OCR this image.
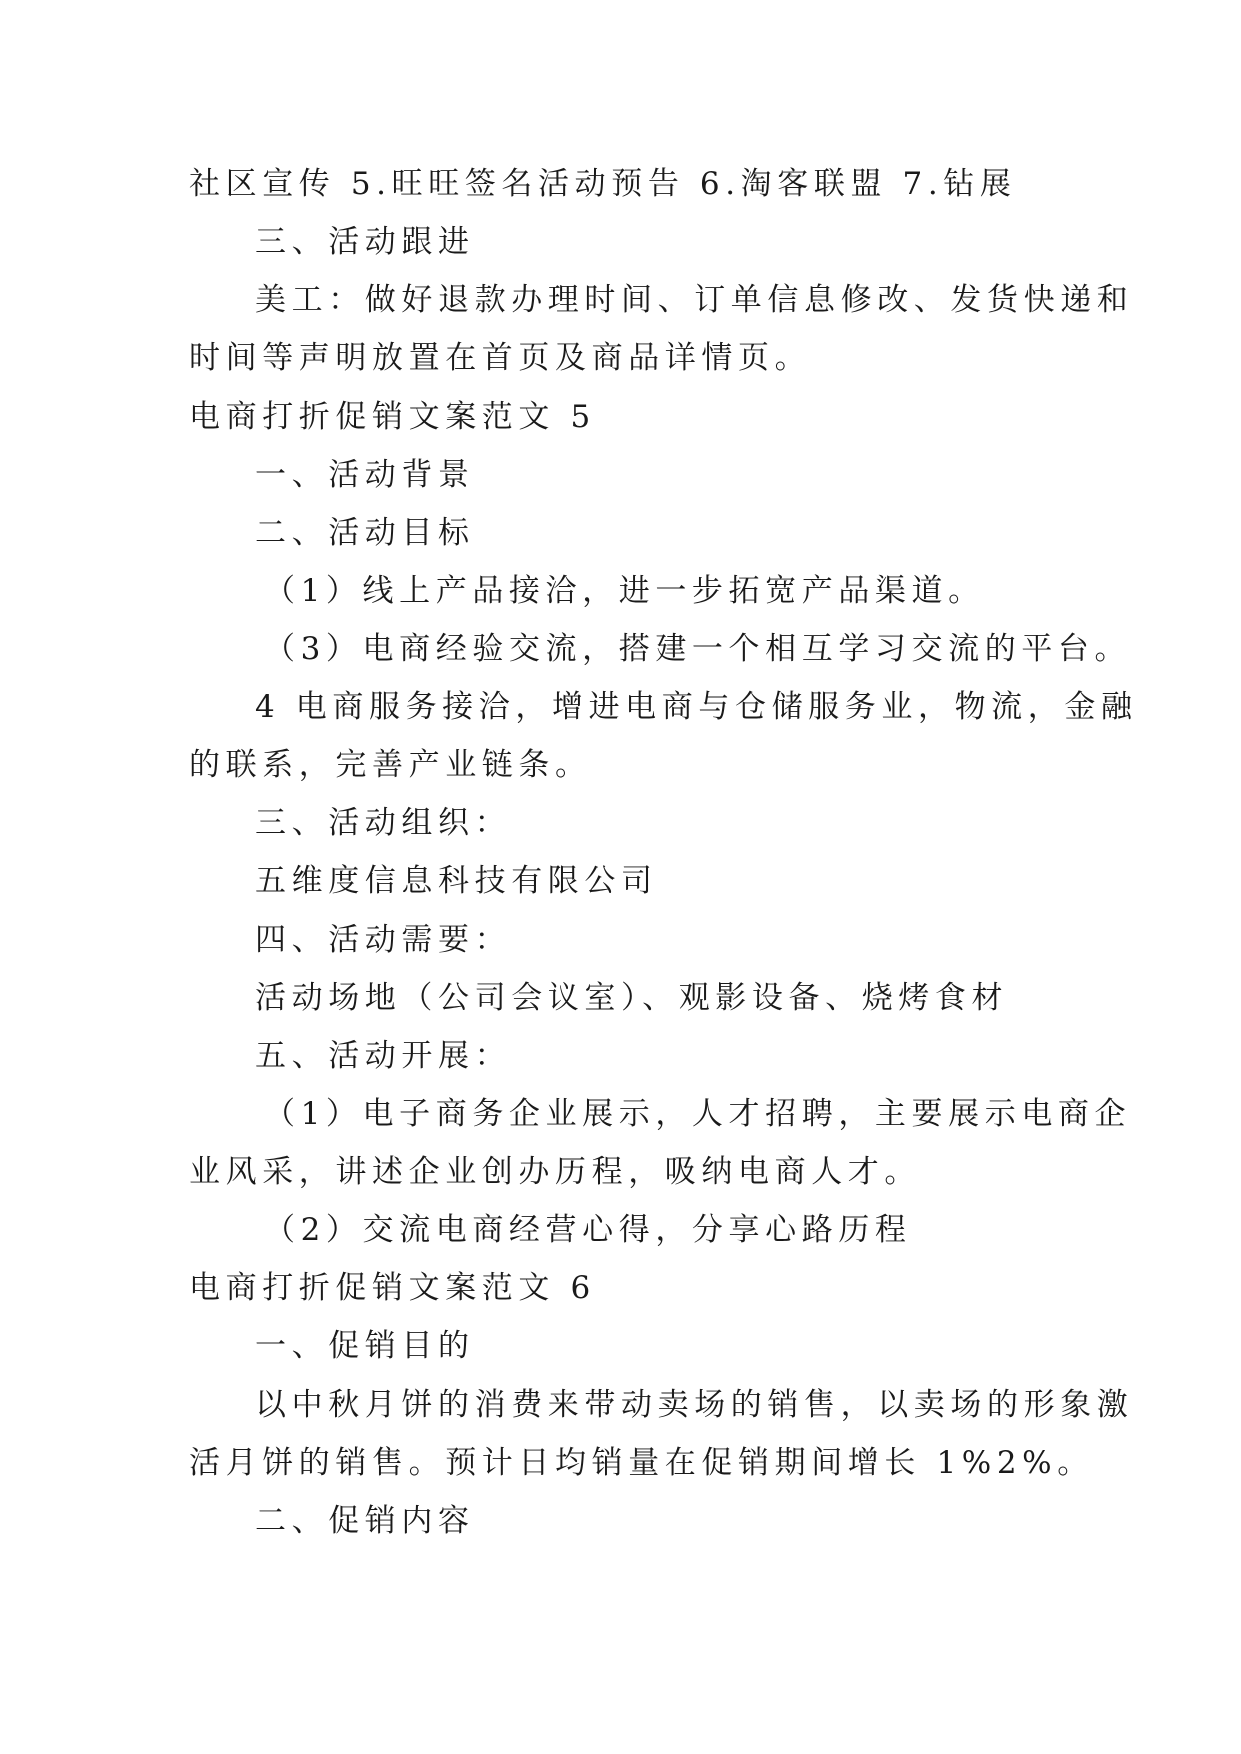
社区宣传 5.旺旺签名活动预告 6.淘客联盟 7.钻展
三、活动跟进
美工：做好退款办理时间、订单信息修改、发货快递和
时间等声明放置在首页及商品详情页。
电商打折促销文案范文 5
一、活动背景
二、活动目标
（1）线上产品接洽，进一步拓宽产品渠道。
（3）电商经验交流，搭建一个相互学习交流的平台。
4 电商服务接洽，增进电商与仓储服务业，物流，金融
的联系，完善产业链条。
三、活动组织：
五维度信息科技有限公司
四、活动需要：
活动场地（公司会议室）、观影设备、烧烤食材
五、活动开展：
（1）电子商务企业展示，人才招聘，主要展示电商企
业风采，讲述企业创办历程，吸纳电商人才。
（2）交流电商经营心得，分享心路历程
电商打折促销文案范文 6
一、促销目的
以中秋月饼的消费来带动卖场的销售，以卖场的形象激
活月饼的销售。预计日均销量在促销期间增长 1%2%。
二、促销内容
